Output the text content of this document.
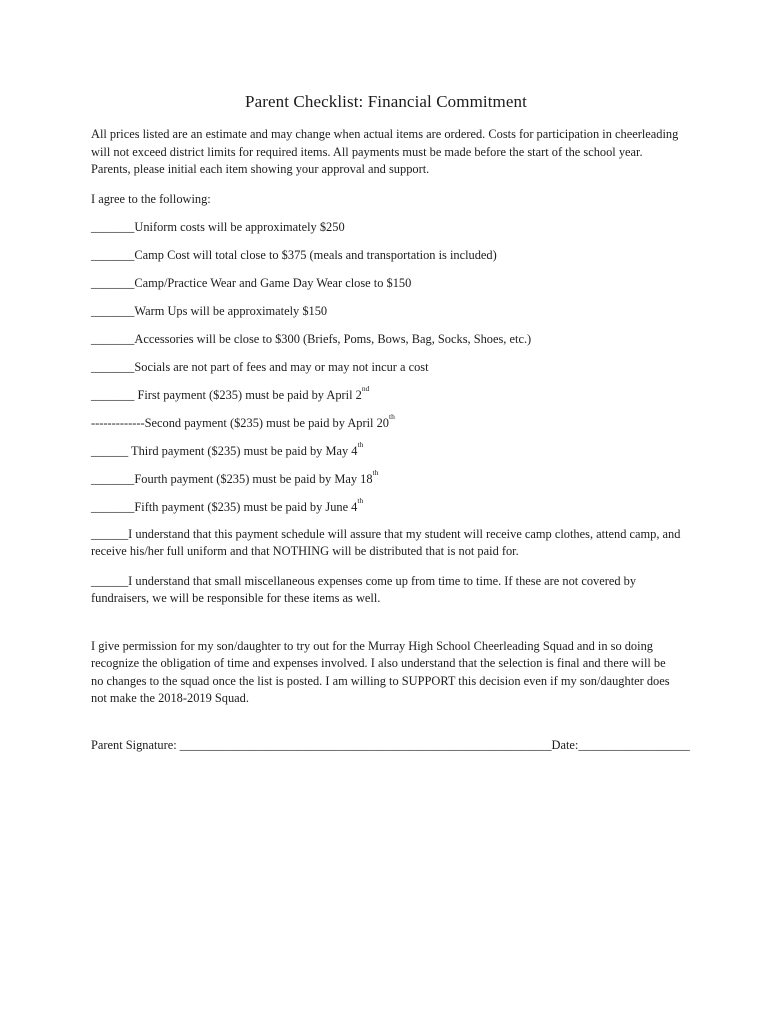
Parent Checklist: Financial Commitment

All prices listed are an estimate and may change when actual items are ordered. Costs for participation in cheerleading will not exceed district limits for required items. All payments must be made before the start of the school year. Parents, please initial each item showing your approval and support.

I agree to the following:

_______Uniform costs will be approximately $250

_______Camp Cost will total close to $375 (meals and transportation is included)

_______Camp/Practice Wear and Game Day Wear close to $150

_______Warm Ups will be approximately $150

_______Accessories will be close to $300 (Briefs, Poms, Bows, Bag, Socks, Shoes, etc.)

_______Socials are not part of fees and may or may not incur a cost

_______ First payment ($235) must be paid by April 2nd

-------------Second payment ($235) must be paid by April 20th

______ Third payment ($235) must be paid by May 4th

_______Fourth payment ($235) must be paid by May 18th

_______Fifth payment ($235) must be paid by June 4th

______I understand that this payment schedule will assure that my student will receive camp clothes, attend camp, and receive his/her full uniform and that NOTHING will be distributed that is not paid for.

______I understand that small miscellaneous expenses come up from time to time. If these are not covered by fundraisers, we will be responsible for these items as well.

I give permission for my son/daughter to try out for the Murray High School Cheerleading Squad and in so doing recognize the obligation of time and expenses involved. I also understand that the selection is final and there will be no changes to the squad once the list is posted. I am willing to SUPPORT this decision even if my son/daughter does not make the 2018-2019 Squad.

Parent Signature: ____________________________________________________________Date:__________________
